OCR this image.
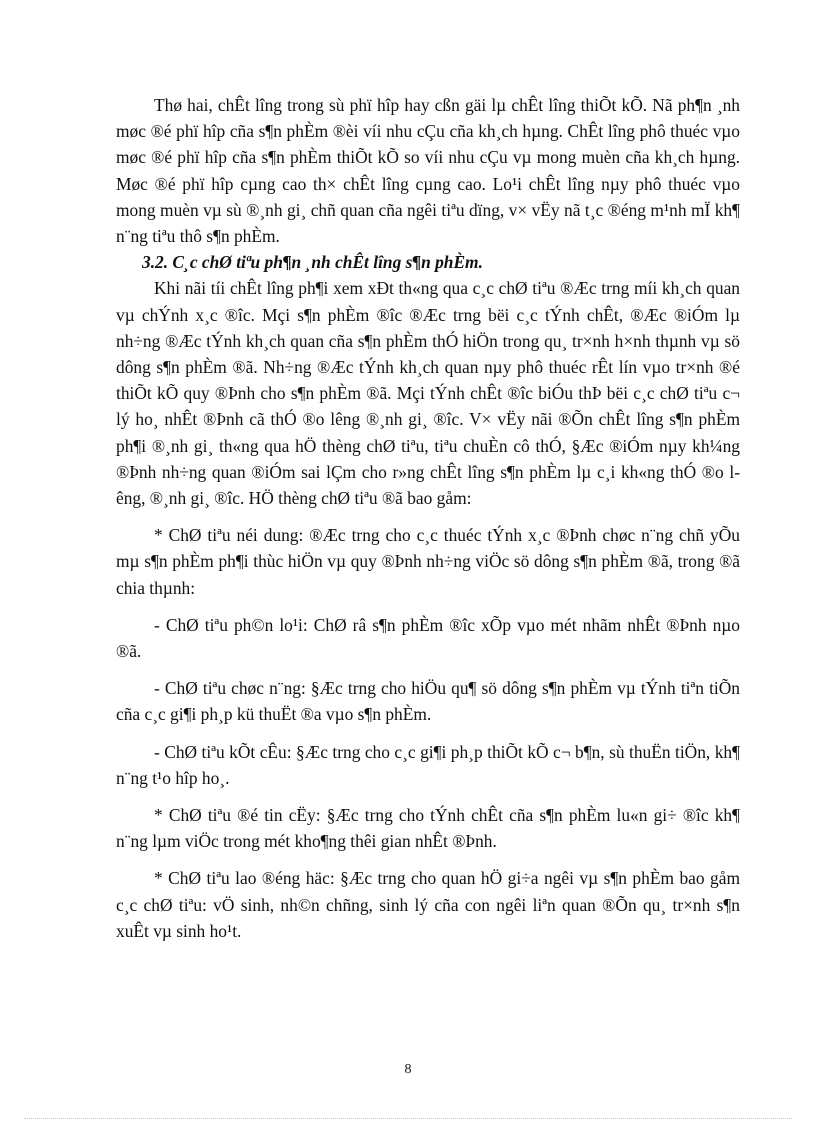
Thø hai, chÊt lîng trong sù phï hîp hay cßn gäi lµ chÊt lîng thiÕt kÕ. Nã ph¶n ¸nh møc ®é phï hîp cña s¶n phÈm ®èi víi nhu cÇu cña kh¸ch hµng. ChÊt lîng phô thuéc vµo møc ®é phï hîp cña s¶n phÈm thiÕt kÕ so víi nhu cÇu vµ mong muèn cña kh¸ch hµng. Møc ®é phï hîp cµng cao th× chÊt lîng cµng cao. Lo¹i chÊt lîng nµy phô thuéc vµo mong muèn vµ sù ®¸nh gi¸ chñ quan cña ngêi tiªu dïng, v× vËy nã t¸c ®éng m¹nh mÏ kh¶ n¨ng tiªu thô s¶n phÈm.

3.2. C¸c chØ tiªu ph¶n ¸nh chÊt lîng s¶n phÈm.

Khi nãi tíi chÊt lîng ph¶i xem xÐt th«ng qua c¸c chØ tiªu ®Æc trng míi kh¸ch quan vµ chÝnh x¸c ®îc. Mçi s¶n phÈm ®îc ®Æc trng bëi c¸c tÝnh chÊt, ®Æc ®iÓm lµ nh÷ng ®Æc tÝnh kh¸ch quan cña s¶n phÈm thÓ hiÖn trong qu¸ tr×nh h×nh thµnh vµ sö dông s¶n phÈm ®ã. Nh÷ng ®Æc tÝnh kh¸ch quan nµy phô thuéc rÊt lín vµo tr×nh ®é thiÕt kÕ quy ®Þnh cho s¶n phÈm ®ã. Mçi tÝnh chÊt ®îc biÓu thÞ bëi c¸c chØ tiªu c¬ lý ho¸ nhÊt ®Þnh cã thÓ ®o lêng ®¸nh gi¸ ®îc. V× vËy nãi ®Õn chÊt lîng s¶n phÈm ph¶i ®¸nh gi¸ th«ng qua hÖ thèng chØ tiªu, tiªu chuÈn cô thÓ, §Æc ®iÓm nµy kh¼ng ®Þnh nh÷ng quan ®iÓm sai lÇm cho r»ng chÊt lîng s¶n phÈm lµ c¸i kh«ng thÓ ®o lêng, ®¸nh gi¸ ®îc. HÖ thèng chØ tiªu ®ã bao gåm:

* ChØ tiªu néi dung: ®Æc trng cho c¸c thuéc tÝnh x¸c ®Þnh chøc n¨ng chñ yÕu mµ s¶n phÈm ph¶i thùc hiÖn vµ quy ®Þnh nh÷ng viÖc sö dông s¶n phÈm ®ã, trong ®ã chia thµnh:

- ChØ tiªu ph©n lo¹i: ChØ râ s¶n phÈm ®îc xÕp vµo mét nhãm nhÊt ®Þnh nµo ®ã.

- ChØ tiªu chøc n¨ng: §Æc trng cho hiÖu qu¶ sö dông s¶n phÈm vµ tÝnh tiªn tiÕn cña c¸c gi¶i ph¸p kü thuËt ®a vµo s¶n phÈm.

- ChØ tiªu kÕt cÊu: §Æc trng cho c¸c gi¶i ph¸p thiÕt kÕ c¬ b¶n, sù thuËn tiÖn, kh¶ n¨ng t¹o hîp ho¸.

* ChØ tiªu ®é tin cËy: §Æc trng cho tÝnh chÊt cña s¶n phÈm lu«n gi÷ ®îc kh¶ n¨ng lµm viÖc trong mét kho¶ng thêi gian nhÊt ®Þnh.

* ChØ tiªu lao ®éng häc: §Æc trng cho quan hÖ gi÷a ngêi vµ s¶n phÈm bao gåm c¸c chØ tiªu: vÖ sinh, nh©n chñng, sinh lý cña con ngêi liªn quan ®Õn qu¸ tr×nh s¶n xuÊt vµ sinh ho¹t.

8
